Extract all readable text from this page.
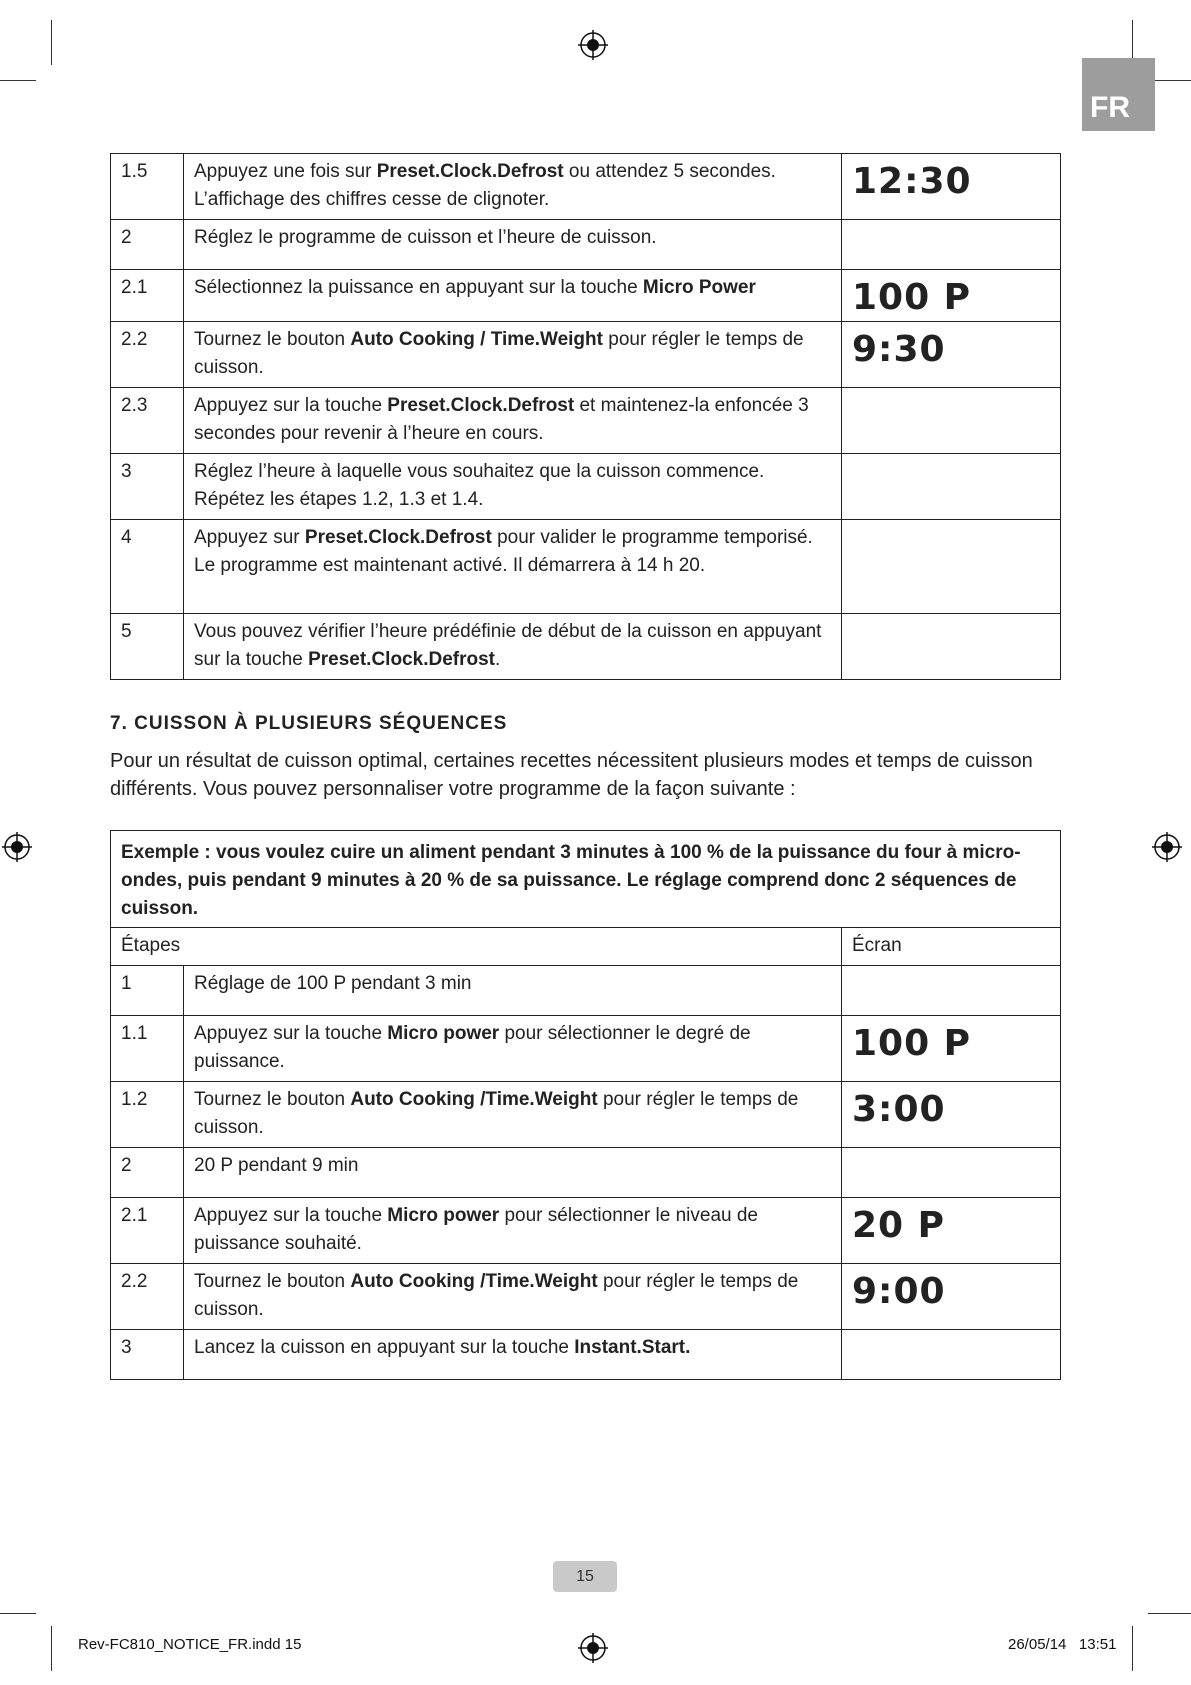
FR
1.5	Appuyez une fois sur Preset.Clock.Defrost ou attendez 5 secondes. L’affichage des chiffres cesse de clignoter.	12:30
2	Réglez le programme de cuisson et l’heure de cuisson.	
2.1	Sélectionnez la puissance en appuyant sur la touche Micro Power	100 P
2.2	Tournez le bouton Auto Cooking / Time.Weight pour régler le temps de cuisson.	9:30
2.3	Appuyez sur la touche Preset.Clock.Defrost et maintenez-la enfoncée 3 secondes pour revenir à l’heure en cours.	
3	Réglez l’heure à laquelle vous souhaitez que la cuisson commence. Répétez les étapes 1.2, 1.3 et 1.4.	
4	Appuyez sur Preset.Clock.Defrost pour valider le programme temporisé. Le programme est maintenant activé. Il démarrera à 14 h 20.	
5	Vous pouvez vérifier l’heure prédéfinie de début de la cuisson en appuyant sur la touche Preset.Clock.Defrost.	
7. CUISSON À PLUSIEURS SÉQUENCES
Pour un résultat de cuisson optimal, certaines recettes nécessitent plusieurs modes et temps de cuisson différents. Vous pouvez personnaliser votre programme de la façon suivante :
Exemple : vous voulez cuire un aliment pendant 3 minutes à 100 % de la puissance du four à micro-ondes, puis pendant 9 minutes à 20 % de sa puissance. Le réglage comprend donc 2 séquences de cuisson.		
Étapes		Écran
1	Réglage de 100 P pendant 3 min	
1.1	Appuyez sur la touche Micro power pour sélectionner le degré de puissance.	100 P
1.2	Tournez le bouton Auto Cooking /Time.Weight pour régler le temps de cuisson.	3:00
2	20 P pendant 9 min	
2.1	Appuyez sur la touche Micro power pour sélectionner le niveau de puissance souhaité.	20 P
2.2	Tournez le bouton Auto Cooking /Time.Weight pour régler le temps de cuisson.	9:00
3	Lancez la cuisson en appuyant sur la touche Instant.Start.	
15
Rev-FC810_NOTICE_FR.indd 15	26/05/14   13:51
